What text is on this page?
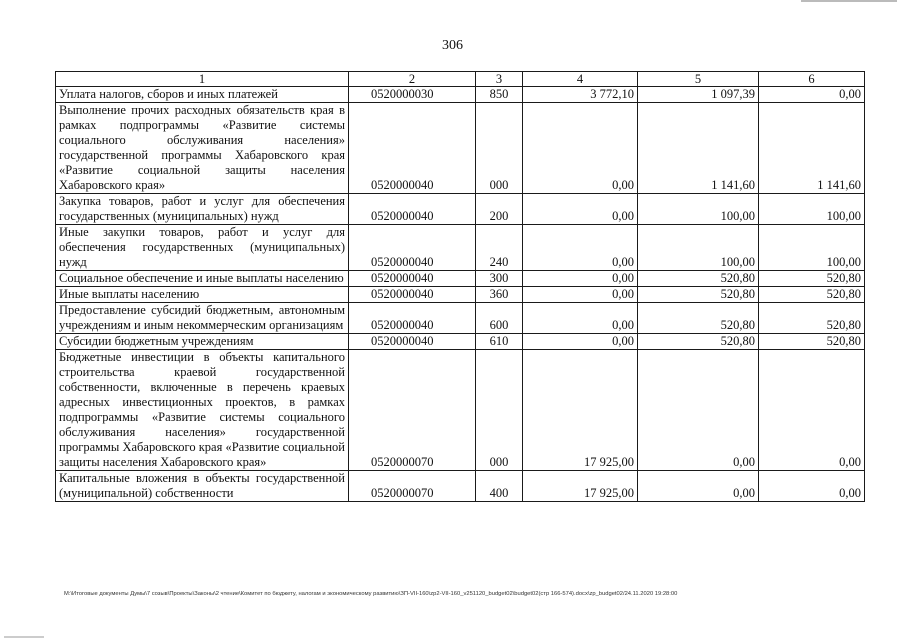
306
1	2	3	4	5	6
Уплата налогов, сборов и иных платежей	0520000030	850	3 772,10	1 097,39	0,00
Выполнение прочих расходных обязательств края в рамках подпрограммы «Развитие системы социального обслуживания населения» государственной программы Хабаровского края «Развитие социальной защиты населения Хабаровского края»	0520000040	000	0,00	1 141,60	1 141,60
Закупка товаров, работ и услуг для обеспечения государственных (муниципальных) нужд	0520000040	200	0,00	100,00	100,00
Иные закупки товаров, работ и услуг для обеспечения государственных (муниципальных) нужд	0520000040	240	0,00	100,00	100,00
Социальное обеспечение и иные выплаты населению	0520000040	300	0,00	520,80	520,80
Иные выплаты населению	0520000040	360	0,00	520,80	520,80
Предоставление субсидий бюджетным, автономным учреждениям и иным некоммерческим организациям	0520000040	600	0,00	520,80	520,80
Субсидии бюджетным учреждениям	0520000040	610	0,00	520,80	520,80
Бюджетные инвестиции в объекты капитального строительства краевой государственной собственности, включенные в перечень краевых адресных инвестиционных проектов, в рамках подпрограммы «Развитие системы социального обслуживания населения» государственной программы Хабаровского края «Развитие социальной защиты населения Хабаровского края»	0520000070	000	17 925,00	0,00	0,00
Капитальные вложения в объекты государственной (муниципальной) собственности	0520000070	400	17 925,00	0,00	0,00
M:\Итоговые документы Думы\7 созыв\Проекты\Законы\2 чтение\Комитет по бюджету, налогам и экономическому развитию\ЗП-VII-160\zp2-VII-160_v251120_budget02\budget02(стр 166-574).docx\zp_budget02/24.11.2020 19:28:00
